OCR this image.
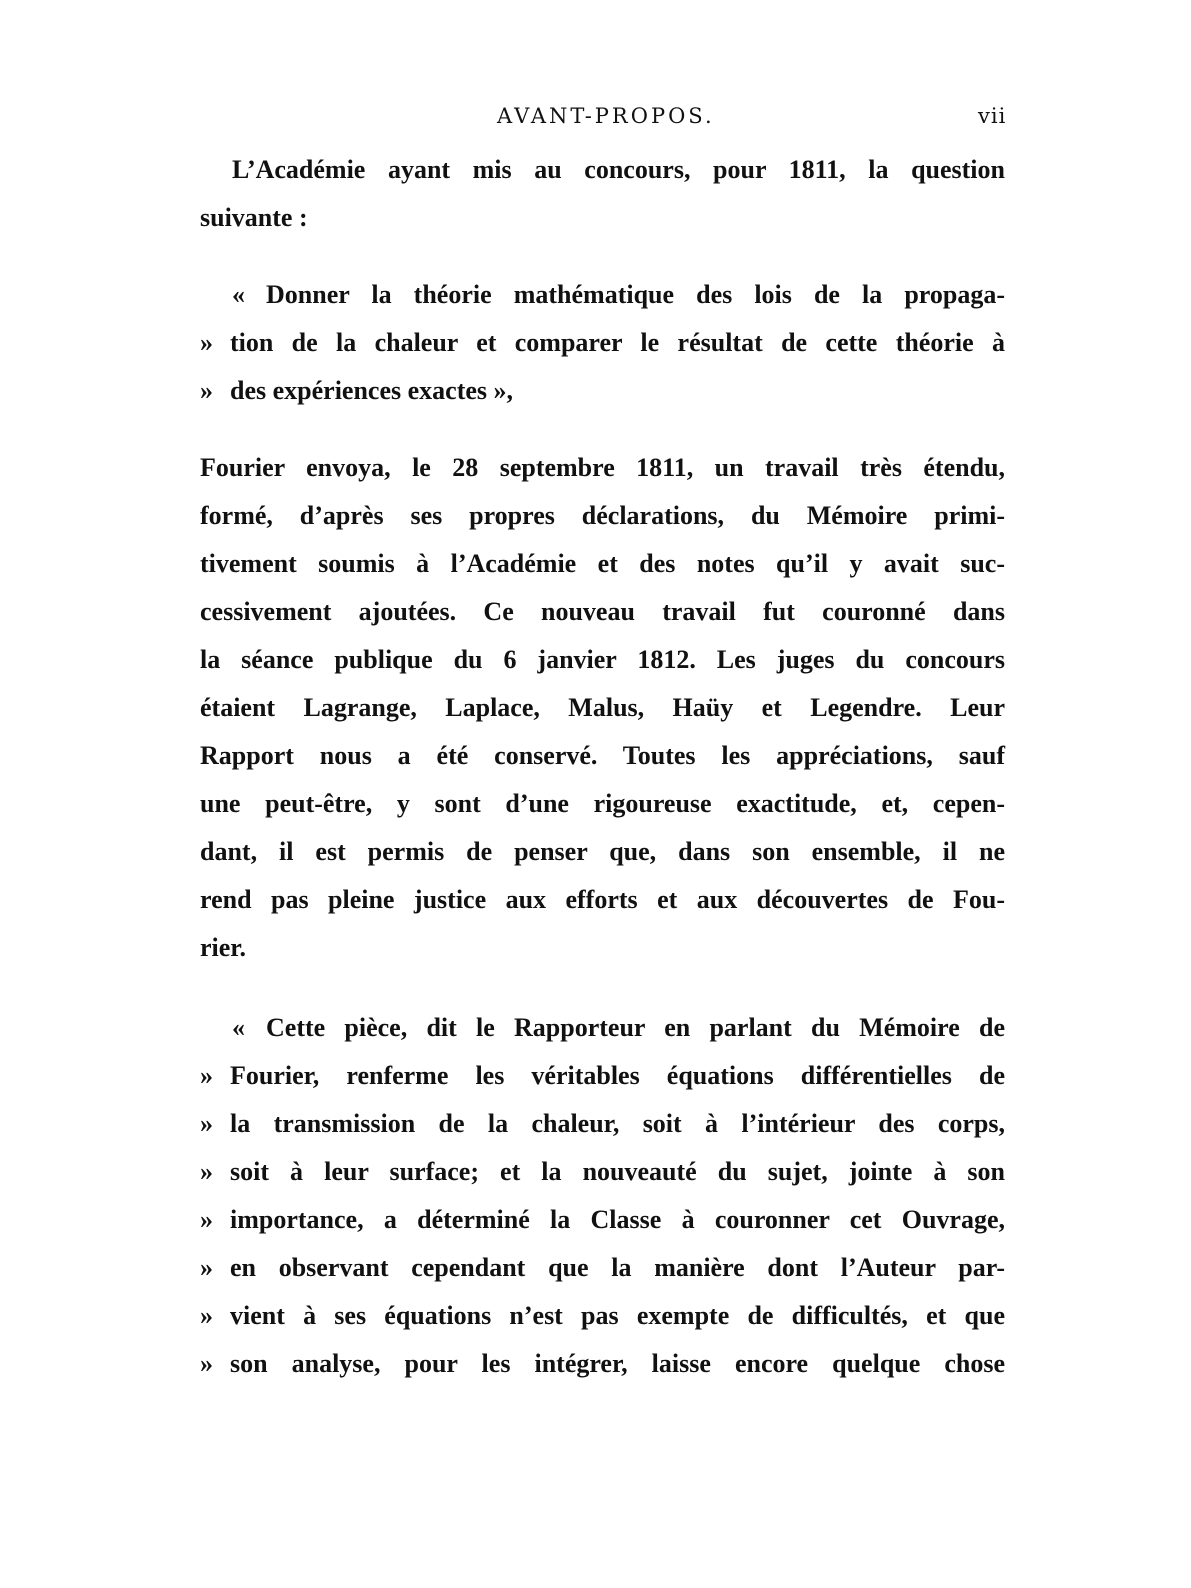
AVANT-PROPOS.	vii
L’Académie ayant mis au concours, pour 1811, la question
suivante :
« Donner la théorie mathématique des lois de la propaga-
» tion de la chaleur et comparer le résultat de cette théorie à
» des expériences exactes »,
Fourier envoya, le 28 septembre 1811, un travail très étendu,
formé, d’après ses propres déclarations, du Mémoire primi-
tivement soumis à l’Académie et des notes qu’il y avait suc-
cessivement ajoutées. Ce nouveau travail fut couronné dans
la séance publique du 6 janvier 1812. Les juges du concours
étaient Lagrange, Laplace, Malus, Haüy et Legendre. Leur
Rapport nous a été conservé. Toutes les appréciations, sauf
une peut-être, y sont d’une rigoureuse exactitude, et, cepen-
dant, il est permis de penser que, dans son ensemble, il ne
rend pas pleine justice aux efforts et aux découvertes de Fou-
rier.
« Cette pièce, dit le Rapporteur en parlant du Mémoire de
» Fourier, renferme les véritables équations différentielles de
» la transmission de la chaleur, soit à l’intérieur des corps,
» soit à leur surface; et la nouveauté du sujet, jointe à son
» importance, a déterminé la Classe à couronner cet Ouvrage,
» en observant cependant que la manière dont l’Auteur par-
» vient à ses équations n’est pas exempte de difficultés, et que
» son analyse, pour les intégrer, laisse encore quelque chose
